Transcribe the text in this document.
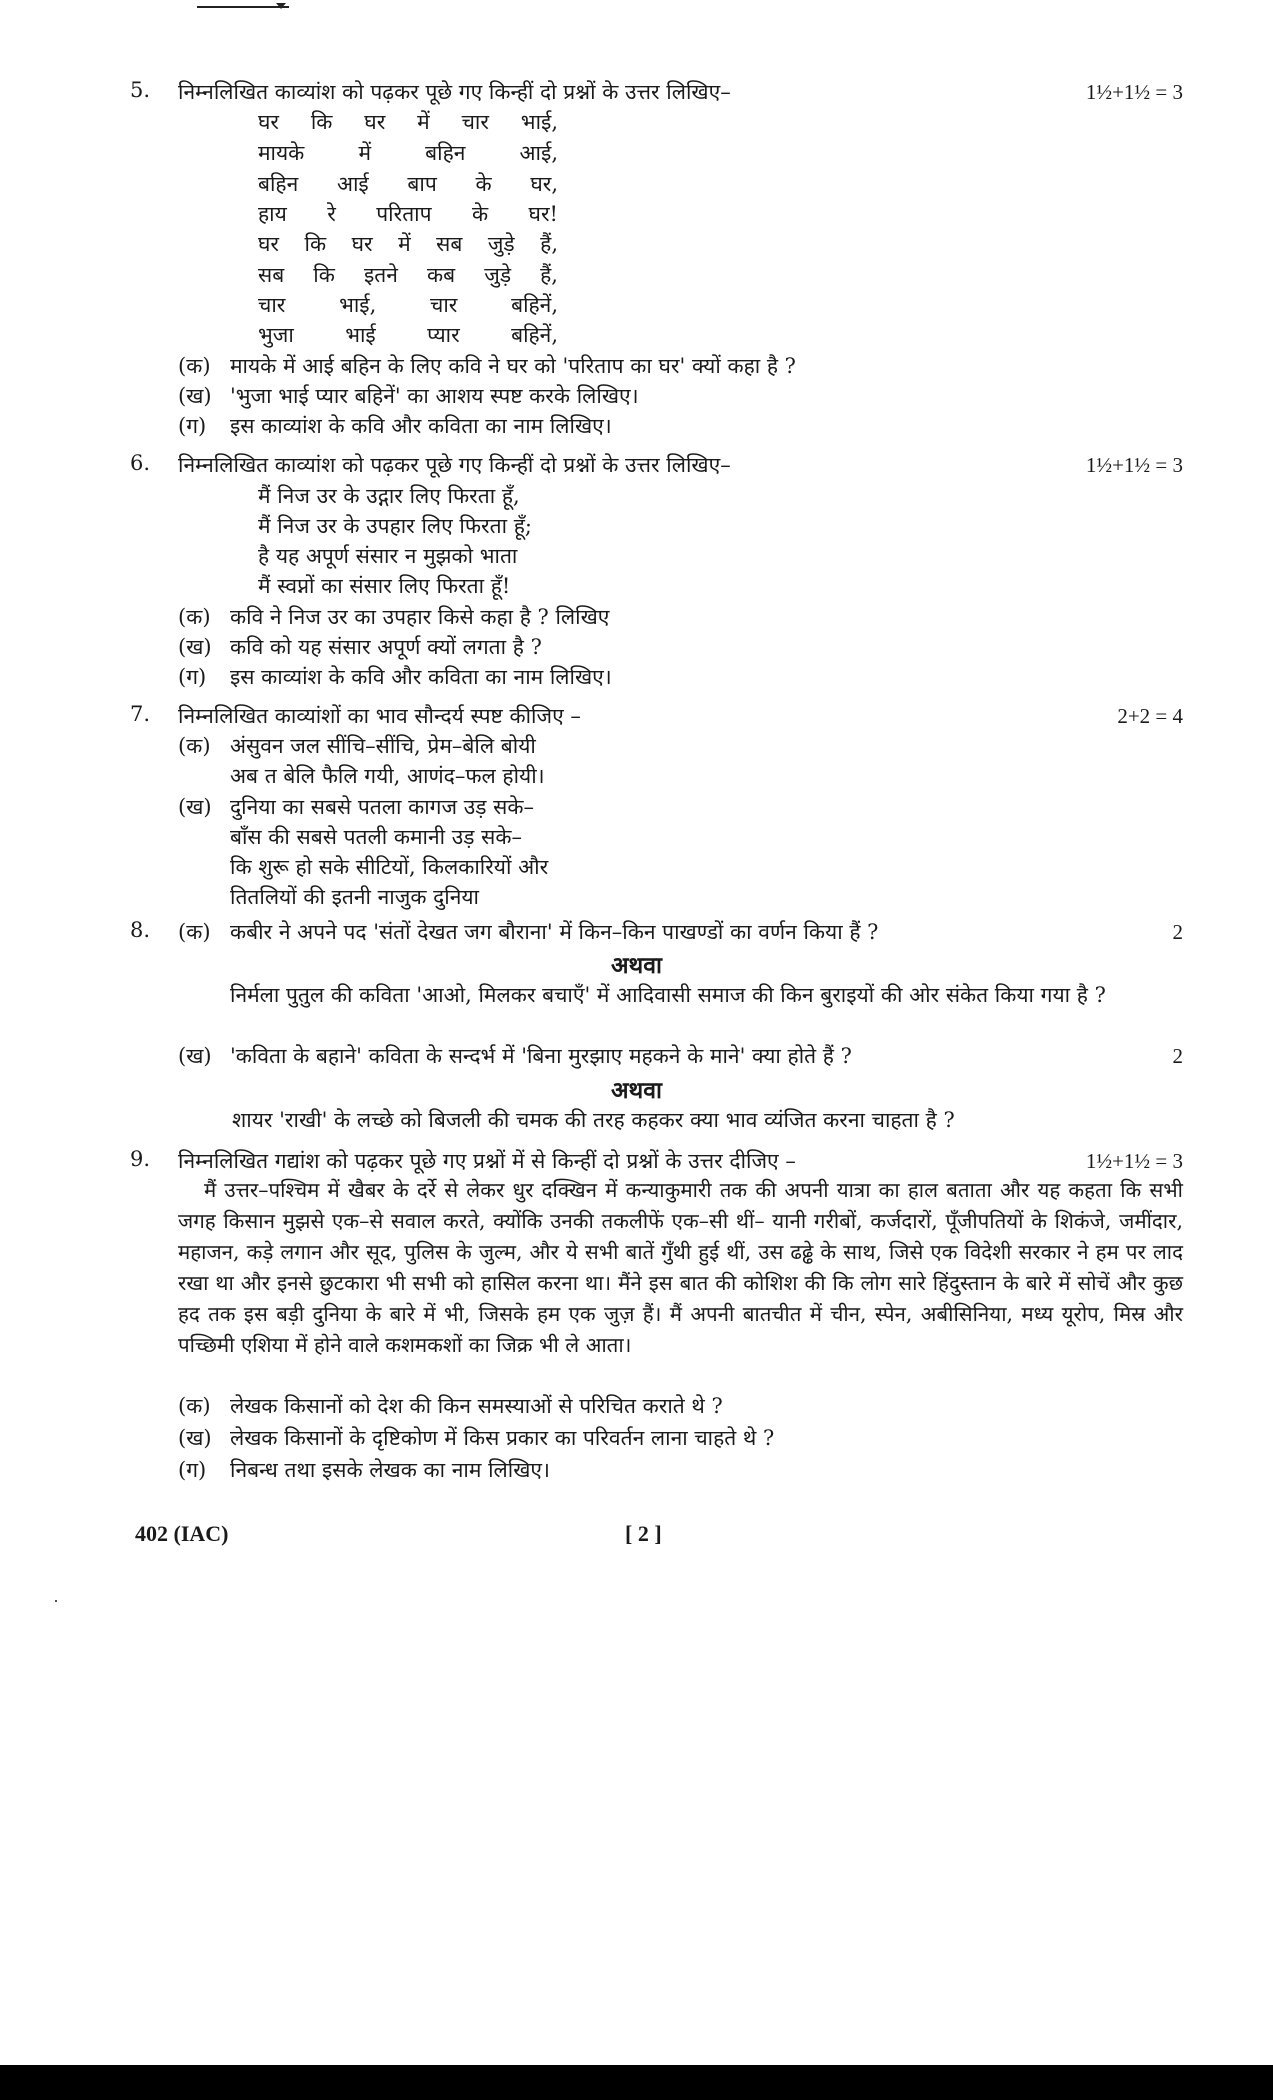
5. निम्नलिखित काव्यांश को पढ़कर पूछे गए किन्हीं दो प्रश्नों के उत्तर लिखिए–	1½+1½ = 3
घर कि घर में चार भाई,
मायके में बहिन आई,
बहिन आई बाप के घर,
हाय रे परिताप के घर!
घर कि घर में सब जुड़े हैं,
सब कि इतने कब जुड़े हैं,
चार भाई, चार बहिनें,
भुजा भाई प्यार बहिनें,
(क) मायके में आई बहिन के लिए कवि ने घर को 'परिताप का घर' क्यों कहा है ?
(ख) 'भुजा भाई प्यार बहिनें' का आशय स्पष्ट करके लिखिए।
(ग) इस काव्यांश के कवि और कविता का नाम लिखिए।
6. निम्नलिखित काव्यांश को पढ़कर पूछे गए किन्हीं दो प्रश्नों के उत्तर लिखिए–	1½+1½ = 3
मैं निज उर के उद्गार लिए फिरता हूँ,
मैं निज उर के उपहार लिए फिरता हूँ;
है यह अपूर्ण संसार न मुझको भाता
मैं स्वप्नों का संसार लिए फिरता हूँ!
(क) कवि ने निज उर का उपहार किसे कहा है ? लिखिए
(ख) कवि को यह संसार अपूर्ण क्यों लगता है ?
(ग) इस काव्यांश के कवि और कविता का नाम लिखिए।
7. निम्नलिखित काव्यांशों का भाव सौन्दर्य स्पष्ट कीजिए –	2+2 = 4
(क) अंसुवन जल सींचि–सींचि, प्रेम–बेलि बोयी
अब त बेलि फैलि गयी, आणंद–फल होयी।
(ख) दुनिया का सबसे पतला कागज उड़ सके–
बाँस की सबसे पतली कमानी उड़ सके–
कि शुरू हो सके सीटियों, किलकारियों और
तितलियों की इतनी नाजुक दुनिया
8. (क) कबीर ने अपने पद 'संतों देखत जग बौराना' में किन–किन पाखण्डों का वर्णन किया हैं ?	2
अथवा
निर्मला पुतुल की कविता 'आओ, मिलकर बचाएँ' में आदिवासी समाज की किन बुराइयों की ओर संकेत किया गया है ?
(ख) 'कविता के बहाने' कविता के सन्दर्भ में 'बिना मुरझाए महकने के माने' क्या होते हैं ?	2
अथवा
शायर 'राखी' के लच्छे को बिजली की चमक की तरह कहकर क्या भाव व्यंजित करना चाहता है ?
9. निम्नलिखित गद्यांश को पढ़कर पूछे गए प्रश्नों में से किन्हीं दो प्रश्नों के उत्तर दीजिए –	1½+1½ = 3
मैं उत्तर–पश्चिम में खैबर के दर्रे से लेकर धुर दक्खिन में कन्याकुमारी तक की अपनी यात्रा का हाल बताता और यह कहता कि सभी जगह किसान मुझसे एक–से सवाल करते, क्योंकि उनकी तकलीफें एक–सी थीं– यानी गरीबों, कर्जदारों, पूँजीपतियों के शिकंजे, जमींदार, महाजन, कड़े लगान और सूद, पुलिस के जुल्म, और ये सभी बातें गुँथी हुई थीं, उस ढढ्ढे के साथ, जिसे एक विदेशी सरकार ने हम पर लाद रखा था और इनसे छुटकारा भी सभी को हासिल करना था। मैंने इस बात की कोशिश की कि लोग सारे हिंदुस्तान के बारे में सोचें और कुछ हद तक इस बड़ी दुनिया के बारे में भी, जिसके हम एक जुज़ हैं। मैं अपनी बातचीत में चीन, स्पेन, अबीसिनिया, मध्य यूरोप, मिस्र और पच्छिमी एशिया में होने वाले कशमकशों का जिक्र भी ले आता।
(क) लेखक किसानों को देश की किन समस्याओं से परिचित कराते थे ?
(ख) लेखक किसानों के दृष्टिकोण में किस प्रकार का परिवर्तन लाना चाहते थे ?
(ग) निबन्ध तथा इसके लेखक का नाम लिखिए।
402 (IAC)	[ 2 ]
